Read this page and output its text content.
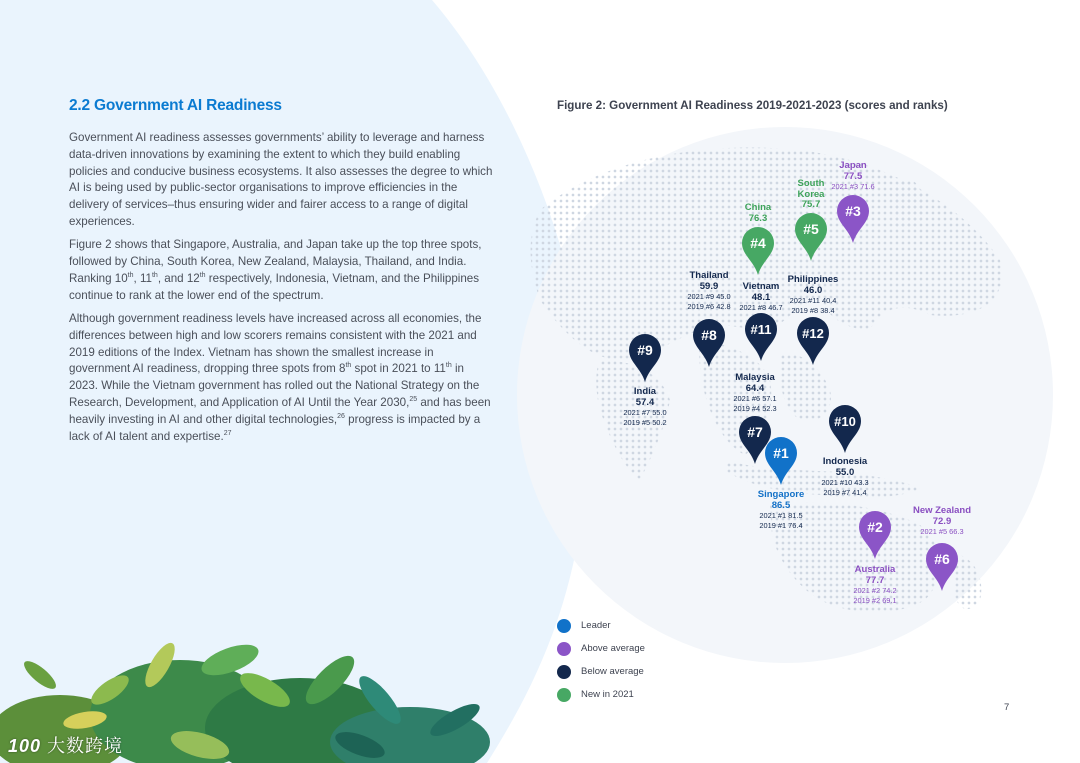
#3
#5
#4
#8	#11 #12
#9
#7
#1
#10
#2
#6
2.2 Government AI Readiness

Government AI readiness assesses governments’ ability to leverage and harness data-driven innovations by examining the extent to which they build enabling policies and conducive business ecosystems. It also assesses the degree to which AI is being used by public-sector organisations to improve efficiencies in the delivery of services–thus ensuring wider and fairer access to a range of digital experiences.

Figure 2 shows that Singapore, Australia, and Japan take up the top three spots, followed by China, South Korea, New Zealand, Malaysia, Thailand, and India. Ranking 10th, 11th, and 12th respectively, Indonesia, Vietnam, and the Philippines continue to rank at the lower end of the spectrum.

Although government readiness levels have increased across all economies, the differences between high and low scorers remains consistent with the 2021 and 2019 editions of the Index. Vietnam has shown the smallest increase in government AI readiness, dropping three spots from 8th spot in 2021 to 11th in 2023. While the Vietnam government has rolled out the National Strategy on the Research, Development, and Application of AI Until the Year 2030,25 and has been heavily investing in AI and other digital technologies,$^{26}$ progress is impacted by a lack of AI talent and expertise.$^{27}$

Figure 2: Government AI Readiness 2019-2021-2023 (scores and ranks)
Japan
77.5
2021 #3 71.6
South Korea
75.7
China
76.3
Thailand
59.9
2021 #9 45.0
2019 #6 42.8
Vietnam
48.1
2021 #8 46.7
Philippines
46.0
2021 #11 40.4
2019 #8 38.4
India
57.4
2021 #7 55.0
2019 #5 50.2
Malaysia
64.4
2021 #6 57.1
2019 #4 52.3
Singapore
86.5
2021 #1 81.5
2019 #1 76.4
Indonesia
55.0
2021 #10 43.3
2019 #7 41.4
Australia
77.7
2021 #2 74.2
2019 #2 69.1
New Zealand
72.9
2021 #5 66.3
Leader
Above average
Below average
New in 2021
7
100 大数跨境
